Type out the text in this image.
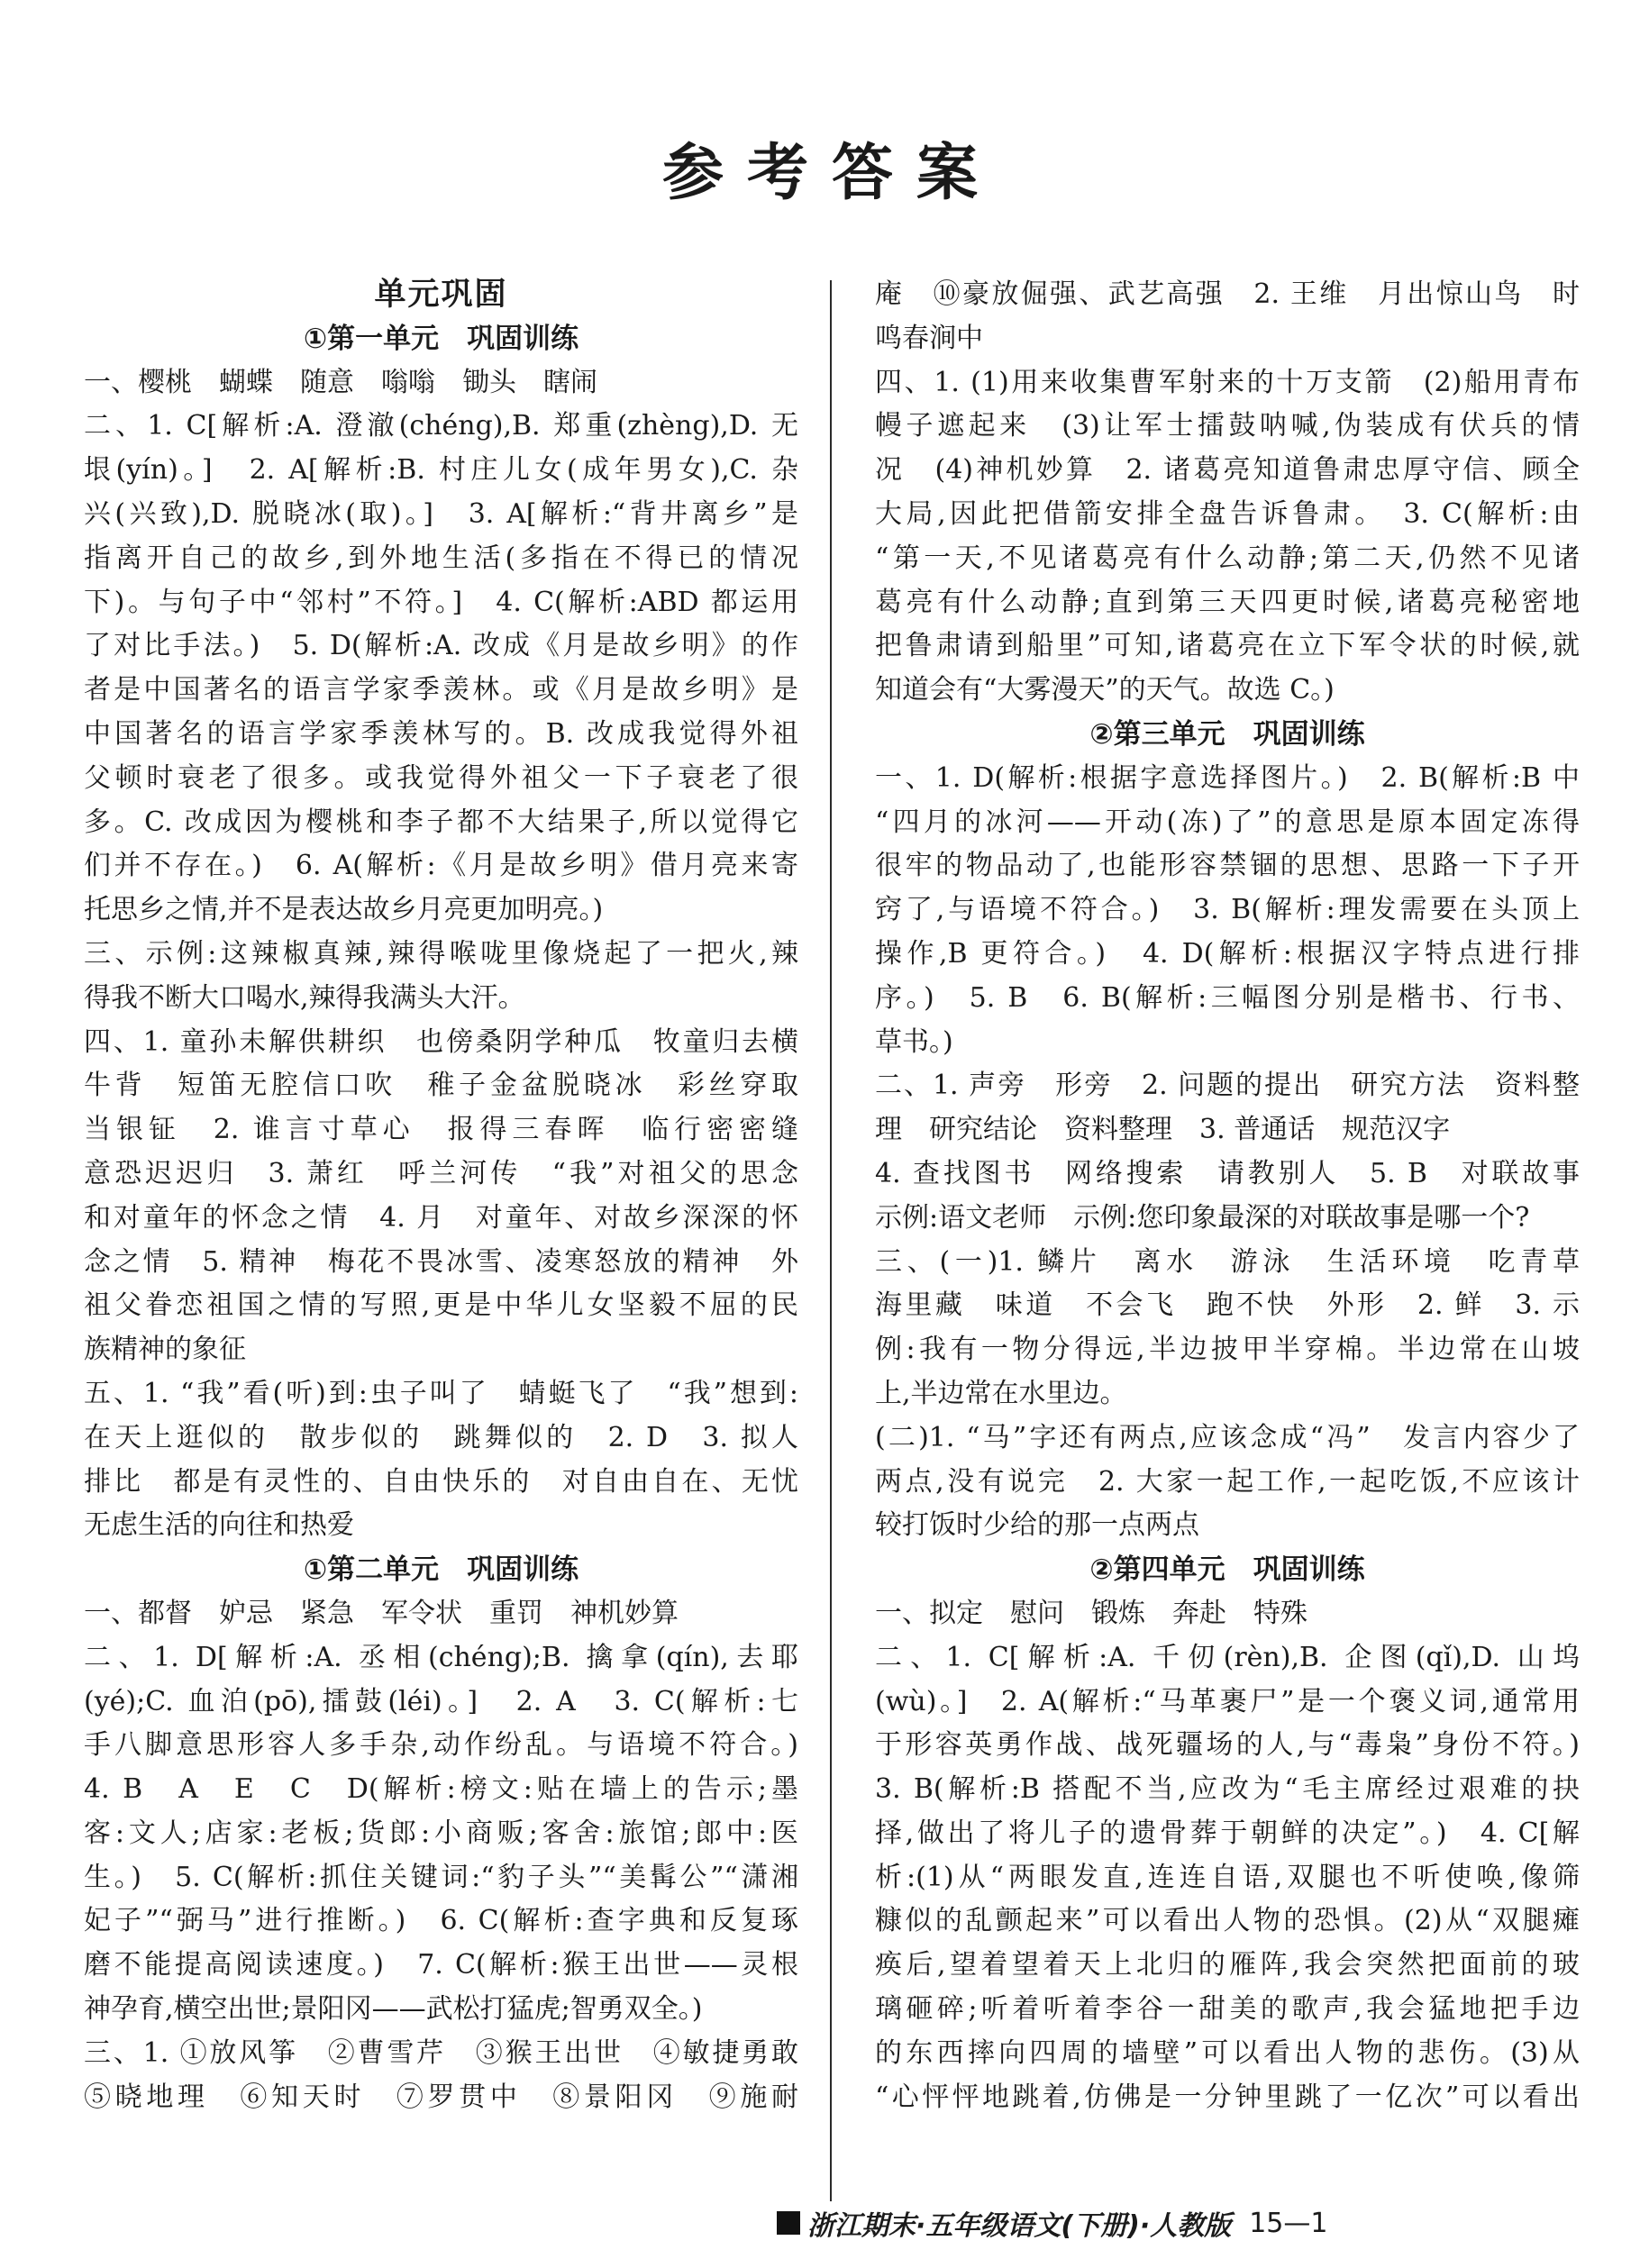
参考答案
单元巩固
①第一单元　巩固训练
一、樱桃　蝴蝶　随意　嗡嗡　锄头　瞎闹
二、1. C[解析:A. 澄澈(chéng),B. 郑重(zhèng),D. 无
垠(yín)。]　2. A[解析:B. 村庄儿女(成年男女),C. 杂
兴(兴致),D. 脱晓冰(取)。]　3. A[解析:“背井离乡”是
指离开自己的故乡,到外地生活(多指在不得已的情况
下)。与句子中“邻村”不符。]　4. C(解析:ABD 都运用
了对比手法。)　5. D(解析:A. 改成《月是故乡明》的作
者是中国著名的语言学家季羡林。或《月是故乡明》是
中国著名的语言学家季羡林写的。B. 改成我觉得外祖
父顿时衰老了很多。或我觉得外祖父一下子衰老了很
多。C. 改成因为樱桃和李子都不大结果子,所以觉得它
们并不存在。)　6. A(解析:《月是故乡明》借月亮来寄
托思乡之情,并不是表达故乡月亮更加明亮。)
三、示例:这辣椒真辣,辣得喉咙里像烧起了一把火,辣
得我不断大口喝水,辣得我满头大汗。
四、1. 童孙未解供耕织　也傍桑阴学种瓜　牧童归去横
牛背　短笛无腔信口吹　稚子金盆脱晓冰　彩丝穿取
当银钲　2. 谁言寸草心　报得三春晖　临行密密缝
意恐迟迟归　3. 萧红　呼兰河传　“我”对祖父的思念
和对童年的怀念之情　4. 月　对童年、对故乡深深的怀
念之情　5. 精神　梅花不畏冰雪、凌寒怒放的精神　外
祖父眷恋祖国之情的写照,更是中华儿女坚毅不屈的民
族精神的象征
五、1. “我”看(听)到:虫子叫了　蜻蜓飞了　“我”想到:
在天上逛似的　散步似的　跳舞似的　2. D　3. 拟人
排比　都是有灵性的、自由快乐的　对自由自在、无忧
无虑生活的向往和热爱
①第二单元　巩固训练
一、都督　妒忌　紧急　军令状　重罚　神机妙算
二、1. D[解析:A. 丞相(chéng);B. 擒拿(qín),去耶
(yé);C. 血泊(pō),擂鼓(léi)。]　2. A　3. C(解析:七
手八脚意思形容人多手杂,动作纷乱。与语境不符合。)
4. B　A　E　C　D(解析:榜文:贴在墙上的告示;墨
客:文人;店家:老板;货郎:小商贩;客舍:旅馆;郎中:医
生。)　5. C(解析:抓住关键词:“豹子头”“美髯公”“潇湘
妃子”“弼马”进行推断。)　6. C(解析:查字典和反复琢
磨不能提高阅读速度。)　7. C(解析:猴王出世——灵根
神孕育,横空出世;景阳冈——武松打猛虎;智勇双全。)
三、1. ①放风筝　②曹雪芹　③猴王出世　④敏捷勇敢
⑤晓地理　⑥知天时　⑦罗贯中　⑧景阳冈　⑨施耐
庵　⑩豪放倔强、武艺高强　2. 王维　月出惊山鸟　时
鸣春涧中
四、1. (1)用来收集曹军射来的十万支箭　(2)船用青布
幔子遮起来　(3)让军士擂鼓呐喊,伪装成有伏兵的情
况　(4)神机妙算　2. 诸葛亮知道鲁肃忠厚守信、顾全
大局,因此把借箭安排全盘告诉鲁肃。　3. C(解析:由
“第一天,不见诸葛亮有什么动静;第二天,仍然不见诸
葛亮有什么动静;直到第三天四更时候,诸葛亮秘密地
把鲁肃请到船里”可知,诸葛亮在立下军令状的时候,就
知道会有“大雾漫天”的天气。故选 C。)
②第三单元　巩固训练
一、1. D(解析:根据字意选择图片。)　2. B(解析:B 中
“四月的冰河——开动(冻)了”的意思是原本固定冻得
很牢的物品动了,也能形容禁锢的思想、思路一下子开
窍了,与语境不符合。)　3. B(解析:理发需要在头顶上
操作,B 更符合。)　4. D(解析:根据汉字特点进行排
序。)　5. B　6. B(解析:三幅图分别是楷书、行书、
草书。)
二、1. 声旁　形旁　2. 问题的提出　研究方法　资料整
理　研究结论　资料整理　3. 普通话　规范汉字
4. 查找图书　网络搜索　请教别人　5. B　对联故事
示例:语文老师　示例:您印象最深的对联故事是哪一个?
三、(一)1. 鳞片　离水　游泳　生活环境　吃青草
海里藏　味道　不会飞　跑不快　外形　2. 鲜　3. 示
例:我有一物分得远,半边披甲半穿棉。半边常在山坡
上,半边常在水里边。
(二)1. “马”字还有两点,应该念成“冯”　发言内容少了
两点,没有说完　2. 大家一起工作,一起吃饭,不应该计
较打饭时少给的那一点两点
②第四单元　巩固训练
一、拟定　慰问　锻炼　奔赴　特殊
二、1. C[解析:A. 千仞(rèn),B. 企图(qǐ),D. 山坞
(wù)。]　2. A(解析:“马革裹尸”是一个褒义词,通常用
于形容英勇作战、战死疆场的人,与“毒枭”身份不符。)
3. B(解析:B 搭配不当,应改为“毛主席经过艰难的抉
择,做出了将儿子的遗骨葬于朝鲜的决定”。)　4. C[解
析:(1)从“两眼发直,连连自语,双腿也不听使唤,像筛
糠似的乱颤起来”可以看出人物的恐惧。(2)从“双腿瘫
痪后,望着望着天上北归的雁阵,我会突然把面前的玻
璃砸碎;听着听着李谷一甜美的歌声,我会猛地把手边
的东西摔向四周的墙壁”可以看出人物的悲伤。(3)从
“心怦怦地跳着,仿佛是一分钟里跳了一亿次”可以看出
浙江期末·五年级语文(下册)·人教版 15—1
